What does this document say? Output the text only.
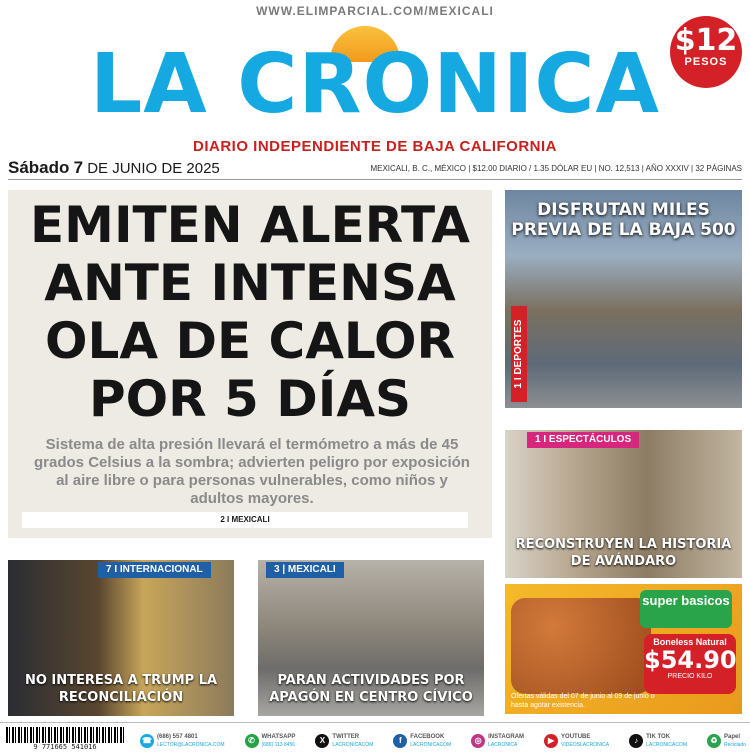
WWW.ELIMPARCIAL.COM/MEXICALI
LA CRONICA
DIARIO INDEPENDIENTE DE BAJA CALIFORNIA
$12
PESOS
Sábado 7 DE JUNIO DE 2025	MEXICALI, B. C., MÉXICO | $12.00 DIARIO / 1.35 DÓLAR EU | NO. 12,513 | AÑO XXXIV | 32 PÁGINAS
EMITEN ALERTA ANTE INTENSA OLA DE CALOR POR 5 DÍAS
Sistema de alta presión llevará el termómetro a más de 45 grados Celsius a la sombra; advierten peligro por exposición al aire libre o para personas vulnerables, como niños y adultos mayores.
2 I MEXICALI
DISFRUTAN MILES PREVIA DE LA BAJA 500
1 I DEPORTES
1 I ESPECTÁCULOS
RECONSTRUYEN LA HISTORIA DE AVÁNDARO
super basicos
Boneless Natural
$54.90
PRECIO KILO
Ofertas válidas del 07 de junio al 09 de junio o hasta agotar existencia.
7 I INTERNACIONAL
NO INTERESA A TRUMP LA RECONCILIACIÓN
3 | MEXICALI
PARAN ACTIVIDADES POR APAGÓN EN CENTRO CÍVICO
9 771665 541016
☎ (686) 557 4801
LECTOR@LACRONICA.COM	✆	WHATSAPP
(686) 113 8456	X	TWITTER
LACRONICACOM	f	FACEBOOK
LACRONICACOM	◎	INSTAGRAM
LACRONICA	▶	YOUTUBE
VIDEOSLACRONICA	♪	TIK TOK
LACRONICACOM	♻	Papel
Reciclado
